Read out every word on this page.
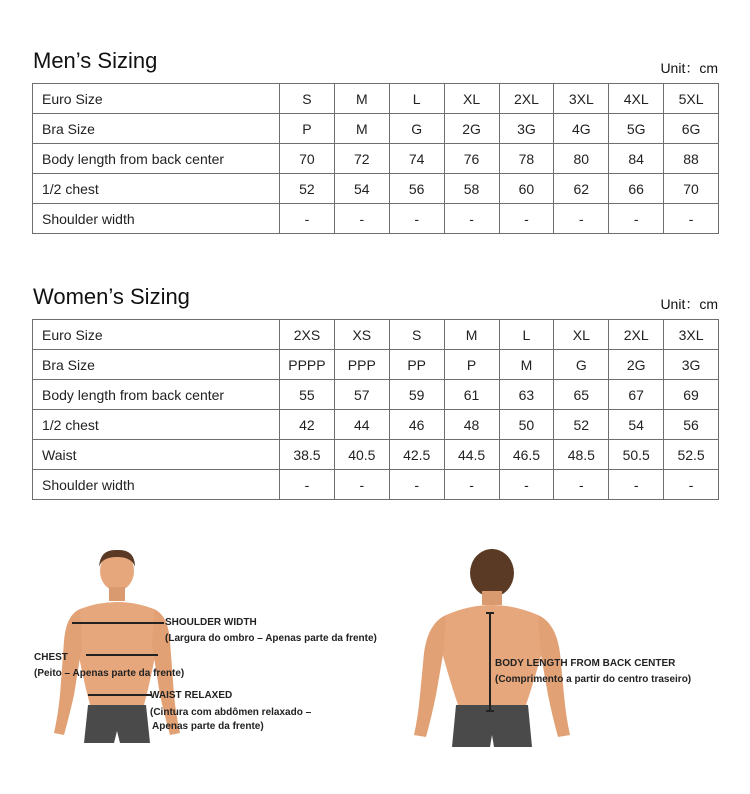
Men’s Sizing	Unit：cm
Euro Size	S	M	L	XL	2XL	3XL	4XL	5XL
Bra Size	P	M	G	2G	3G	4G	5G	6G
Body length from back center	70	72	74	76	78	80	84	88
1/2 chest	52	54	56	58	60	62	66	70
Shoulder width	-	-	-	-	-	-	-	-
Women’s Sizing	Unit：cm
Euro Size	2XS	XS	S	M	L	XL	2XL	3XL
Bra Size	PPPP	PPP	PP	P	M	G	2G	3G
Body length from back center	55	57	59	61	63	65	67	69
1/2 chest	42	44	46	48	50	52	54	56
Waist	38.5	40.5	42.5	44.5	46.5	48.5	50.5	52.5
Shoulder width	-	-	-	-	-	-	-	-
SHOULDER WIDTH
(Largura do ombro – Apenas parte da frente)
CHEST
(Peito – Apenas parte da frente)
WAIST RELAXED
(Cintura com abdômen relaxado –
Apenas parte da frente)
BODY LENGTH FROM BACK CENTER
(Comprimento a partir do centro traseiro)
